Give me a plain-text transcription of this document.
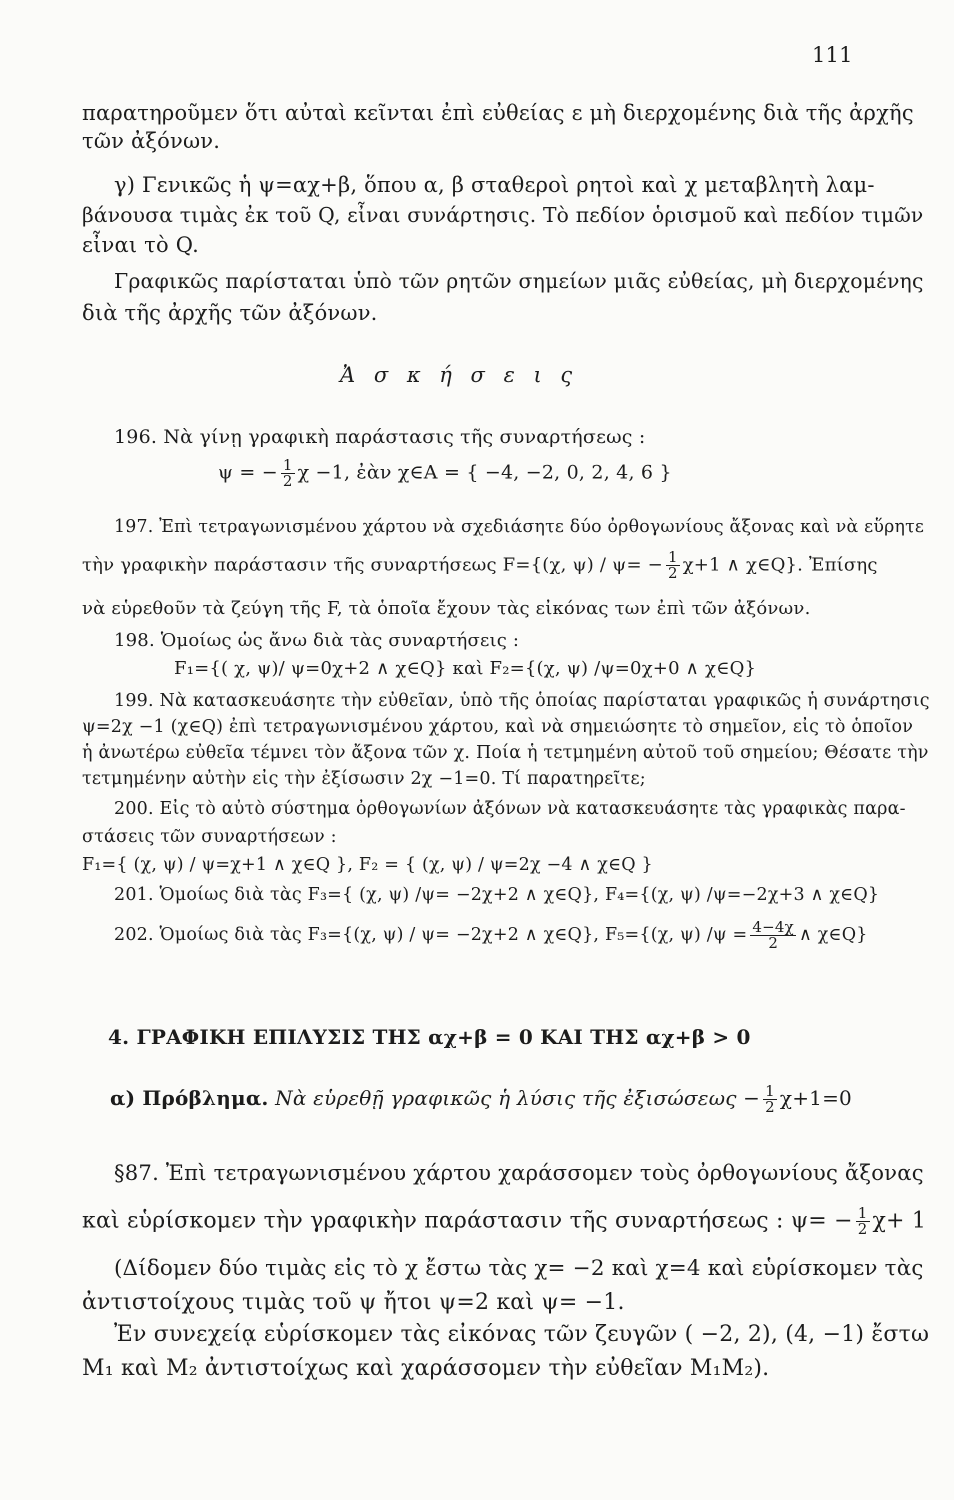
111
παρατηροῦμεν ὅτι αὐταὶ κεῖνται ἐπὶ εὐθείας ε μὴ διερχομένης διὰ τῆς ἀρχῆς
τῶν ἀξόνων.
γ) Γενικῶς ἡ ψ=αχ+β, ὅπου α, β σταθεροὶ ρητοὶ καὶ χ μεταβλητὴ λαμ-
βάνουσα τιμὰς ἐκ τοῦ Q, εἶναι συνάρτησις. Τὸ πεδίον ὁρισμοῦ καὶ πεδίον τιμῶν
εἶναι τὸ Q.
Γραφικῶς παρίσταται ὑπὸ τῶν ρητῶν σημείων μιᾶς εὐθείας, μὴ διερχομένης
διὰ τῆς ἀρχῆς τῶν ἀξόνων.
Ἀ σ κ ή σ ε ι ς
196. Νὰ γίνῃ γραφικὴ παράστασις τῆς συναρτήσεως :
ψ = − $\frac{1}{2}$ χ −1, ἐὰν χ∈Α = { −4, −2, 0, 2, 4, 6 }
197. Ἐπὶ τετραγωνισμένου χάρτου νὰ σχεδιάσητε δύο ὀρθογωνίους ἄξονας καὶ νὰ εὕρητε
τὴν γραφικὴν παράστασιν τῆς συναρτήσεως F={(χ, $\psi) / \psi= - \frac{1}{2} \chi+1$ ∧ χ∈Q}. Ἐπίσης
νὰ εὑρεθοῦν τὰ ζεύγη τῆς F, τὰ ὁποῖα ἔχουν τὰς εἰκόνας των ἐπὶ τῶν ἀξόνων.
198. Ὁμοίως ὡς ἄνω διὰ τὰς συναρτήσεις :
F₁={( χ, ψ)/ ψ=0χ+2 ∧ χ∈Q} καὶ F₂={(χ, ψ) /ψ=0χ+0 ∧ χ∈Q}
199. Νὰ κατασκευάσητε τὴν εὐθεῖαν, ὑπὸ τῆς ὁποίας παρίσταται γραφικῶς ἡ συνάρτησις
ψ=2χ −1 (χ∈Q) ἐπὶ τετραγωνισμένου χάρτου, καὶ νὰ σημειώσητε τὸ σημεῖον, εἰς τὸ ὁποῖον
ἡ ἀνωτέρω εὐθεῖα τέμνει τὸν ἄξονα τῶν χ. Ποία ἡ τετμημένη αὐτοῦ τοῦ σημείου; Θέσατε τὴν
τετμημένην αὐτὴν εἰς τὴν ἐξίσωσιν 2χ −1=0. Τί παρατηρεῖτε;
200. Εἰς τὸ αὐτὸ σύστημα ὀρθογωνίων ἀξόνων νὰ κατασκευάσητε τὰς γραφικὰς παρα-
στάσεις τῶν συναρτήσεων :
F₁={ (χ, ψ) / ψ=χ+1 ∧ χ∈Q }, F₂ = { (χ, ψ) / ψ=2χ −4 ∧ χ∈Q }
201. Ὁμοίως διὰ τὰς F₃={ (χ, ψ) /ψ= −2χ+2 ∧ χ∈Q}, F₄={(χ, ψ) /ψ=−2χ+3 ∧ χ∈Q}
202. Ὁμοίως διὰ τὰς F₃={(χ, ψ) / ψ= −2χ+2 ∧ χ∈Q}, F₅={(χ, ψ) $/\psi = \frac{4-4\chi}{2}$ ∧ χ∈Q}
4. ΓΡΑΦΙΚΗ ΕΠΙΛΥΣΙΣ ΤΗΣ αχ+β = 0 ΚΑΙ ΤΗΣ αχ+β > 0
α) Πρόβλημα. Νὰ εὑρεθῇ γραφικῶς ἡ λύσις τῆς ἐξισώσεως − $\frac{1}{2} \chi+1=0$
§87. Ἐπὶ τετραγωνισμένου χάρτου χαράσσομεν τοὺς ὀρθογωνίους ἄξονας
καὶ εὑρίσκομεν τὴν γραφικὴν παράστασιν τῆς συναρτήσεως : $\psi= - \frac{1}{2} \chi+ 1$
(Δίδομεν δύο τιμὰς εἰς τὸ χ ἔστω τὰς χ= −2 καὶ χ=4 καὶ εὑρίσκομεν τὰς
ἀντιστοίχους τιμὰς τοῦ ψ ἤτοι ψ=2 καὶ ψ= −1.
Ἐν συνεχείᾳ εὑρίσκομεν τὰς εἰκόνας τῶν ζευγῶν ( −2, 2), (4, −1) ἔστω
M₁ καὶ M₂ ἀντιστοίχως καὶ χαράσσομεν τὴν εὐθεῖαν M₁M₂).
